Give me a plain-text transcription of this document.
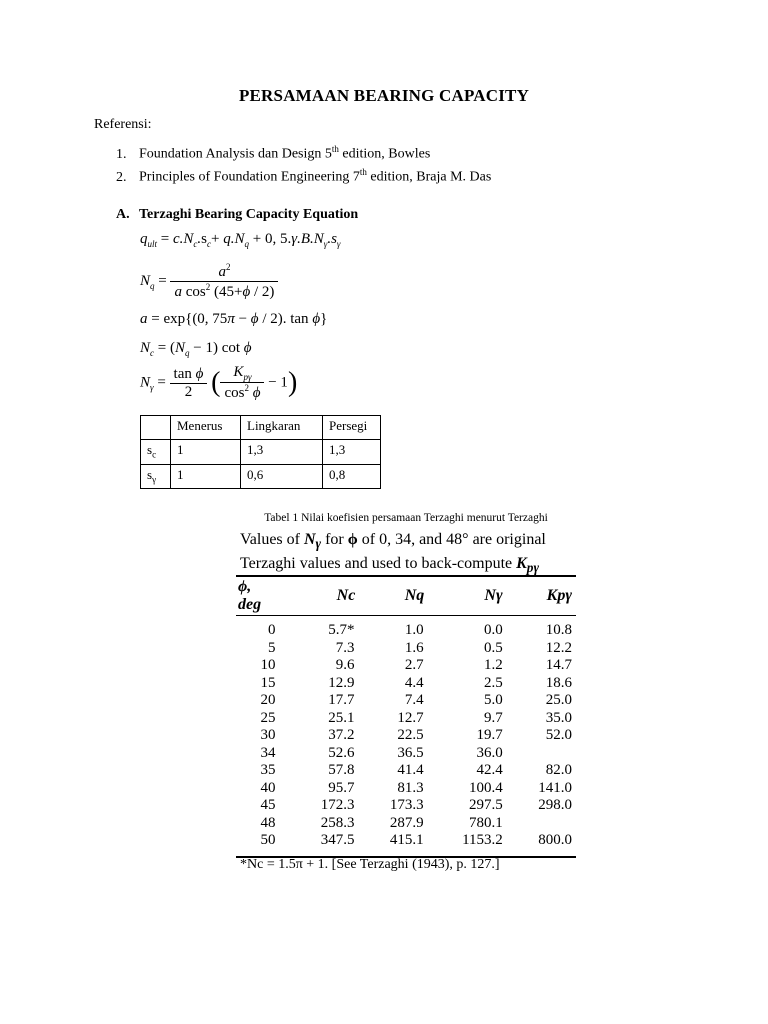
PERSAMAAN BEARING CAPACITY
Referensi:
1. Foundation Analysis dan Design 5th edition, Bowles
2. Principles of Foundation Engineering 7th edition, Braja M. Das
A. Terzaghi Bearing Capacity Equation
$q_{ult} = c.N_c.s_c+ q.N_q + 0$, $5.\gamma.B.N_\gamma.s_\gamma$
$N_q = \frac{a^2}{a \cos^2 (45+\phi / 2)}$
a = exp{(0, 75π − ϕ / 2). tan ϕ}
$N_c = (N_q - 1)$ cot ϕ
$N_\gamma = \frac{\text{tan ϕ}}{2}$ ( $\frac{K_{p\gamma}}{\cos^2 \phi} - 1$)
	Menerus	Lingkaran	Persegi
$s_c$	1	1,3	1,3
$s_\gamma$	1	0,6	0,8
Tabel 1 Nilai koefisien persamaan Terzaghi menurut Terzaghi
Values of $N_\gamma$ for ϕ of 0, 34, and 48° are original
Terzaghi values and used to back-compute $K_{p\gamma}$
ϕ, deg	Nc	Nq	Nγ	Kpγ
0	5.7*	1.0	0.0	10.8
5	7.3	1.6	0.5	12.2
10	9.6	2.7	1.2	14.7
15	12.9	4.4	2.5	18.6
20	17.7	7.4	5.0	25.0
25	25.1	12.7	9.7	35.0
30	37.2	22.5	19.7	52.0
34	52.6	36.5	36.0	
35	57.8	41.4	42.4	82.0
40	95.7	81.3	100.4	141.0
45	172.3	173.3	297.5	298.0
48	258.3	287.9	780.1	
50	347.5	415.1	1153.2	800.0
*Nc = 1.5π + 1. [See Terzaghi (1943), p. 127.]
